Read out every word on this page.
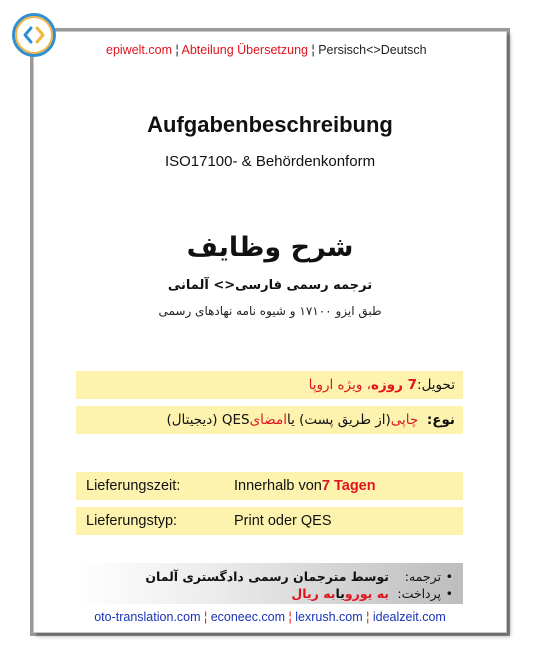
epiwelt.com ¦ Abteilung Übersetzung ¦ Persisch<>Deutsch
Aufgabenbeschreibung
ISO17100- & Behördenkonform
شرح وظایف
ترجمه رسمی فارسی<> آلمانی
طبق ایزو ۱۷۱۰۰ و شیوه نامه نهادهای رسمی
تحویل:
7 روزه
، ویژه اروپا
نوع:

چاپی
(از طریق پست) یا
امضای
QES (دیجیتال)
Lieferungszeit:	Innerhalb von 7 Tagen
Lieferungstyp:	Print oder QES
•
ترجمه:
توسط مترجمان رسمی دادگستری آلمان
•
پرداخت:
به یورو
یا
به ریال
oto-translation.com ¦ econeec.com ¦ lexrush.com ¦ idealzeit.com
